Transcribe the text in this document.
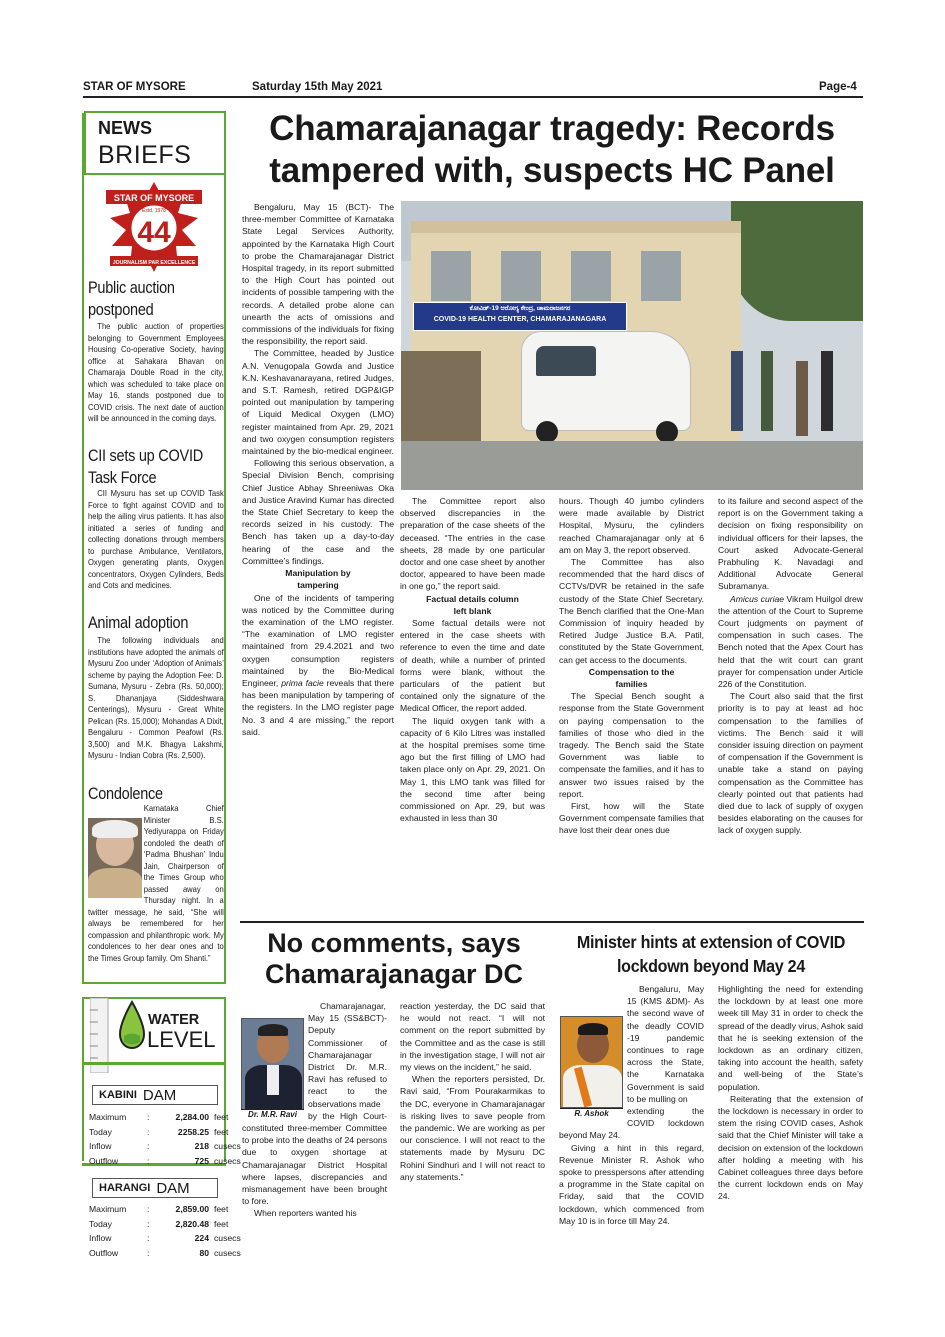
STAR OF MYSORE	Saturday 15th May 2021	Page-4
NEWS
BRIEFS
STAR OF MYSORE
Estd. 1978
44
JOURNALISM PAR EXCELLENCE
Public auction
postponed

The public auction of properties belonging to Government Employees Housing Co-operative Society, having office at Sahakara Bhavan on Chamaraja Double Road in the city, which was scheduled to take place on May 16, stands postponed due to COVID crisis. The next date of auction will be announced in the coming days.

CII sets up COVID
Task Force

CII Mysuru has set up COVID Task Force to fight against COVID and to help the ailing virus patients. It has also initiated a series of funding and collecting donations through members to purchase Ambulance, Ventilators, Oxygen generating plants, Oxygen concentrators, Oxygen Cylinders, Beds and Cots and medicines.

Animal adoption

The following individuals and institutions have adopted the animals of Mysuru Zoo under ‘Adoption of Animals’ scheme by paying the Adoption Fee: D. Sumana, Mysuru - Zebra (Rs. 50,000); S. Dhananjaya (Siddeshwara Centerings), Mysuru - Great White Pelican (Rs. 15,000); Mohandas A Dixit, Bengaluru - Common Peafowl (Rs. 3,500) and M.K. Bhagya Lakshmi, Mysuru - Indian Cobra (Rs. 2,500).

Condolence
Karnataka Chief Minister B.S. Yediyurappa on Friday condoled the death of ‘Padma Bhushan’ Indu Jain, Chairperson of the Times Group who passed away on Thursday night. In a twitter message, he said, “She will always be remembered for her compassion and philanthropic work. My condolences to her dear ones and to the Times Group family. Om Shanti.”
WATER
LEVEL
KABINI DAM
Maximum	:	2,284.00 feet
Today	:	2258.25 feet
Inflow	:	218 cusecs
Outflow	:	725 cusecs
HARANGI DAM
Maximum	:	2,859.00 feet
Today	:	2,820.48 feet
Inflow	:	224 cusecs
Outflow	:	80 cusecs
Chamarajanagar tragedy: Records
tampered with, suspects HC Panel
ಕೋವಿಡ್-19 ಆರೋಗ್ಯ ಕೇಂದ್ರ, ಚಾಮರಾಜನಗರ
COVID-19 HEALTH CENTER, CHAMARAJANAGARA

Bengaluru, May 15 (BCT)- The three-member Committee of Karnataka State Legal Services Authority, appointed by the Karnataka High Court to probe the Chamarajanagar District Hospital tragedy, in its report submitted to the High Court has pointed out incidents of possible tampering with the records. A detailed probe alone can unearth the acts of omissions and commissions of the individuals for fixing the responsibility, the report said.

The Committee, headed by Justice A.N. Venugopala Gowda and Justice K.N. Keshavanarayana, retired Judges, and S.T. Ramesh, retired DGP&IGP pointed out manipulation by tampering of Liquid Medical Oxygen (LMO) register maintained from Apr. 29, 2021 and two oxygen consumption registers maintained by the bio-medical engineer.

Following this serious observation, a Special Division Bench, comprising Chief Justice Abhay Shreeniwas Oka and Justice Aravind Kumar has directed the State Chief Secretary to keep the records seized in his custody. The Bench has taken up a day-to-day hearing of the case and the Committee’s findings.

Manipulation by

tampering

One of the incidents of tampering was noticed by the Committee during the examination of the LMO register. “The examination of LMO register maintained from 29.4.2021 and two oxygen consumption registers maintained by the Bio-Medical Engineer, prima facie reveals that there has been manipulation by tampering of the registers. In the LMO register page No. 3 and 4 are missing,” the report said.

The Committee report also observed discrepancies in the preparation of the case sheets of the deceased. “The entries in the case sheets, 28 made by one particular doctor and one case sheet by another doctor, appeared to have been made in one go,” the report said.

Factual details column

left blank

Some factual details were not entered in the case sheets with reference to even the time and date of death, while a number of printed forms were blank, without the particulars of the patient but contained only the signature of the Medical Officer, the report added.

The liquid oxygen tank with a capacity of 6 Kilo Litres was installed at the hospital premises some time ago but the first filling of LMO had taken place only on Apr. 29, 2021. On May 1, this LMO tank was filled for the second time after being commissioned on Apr. 29, but was exhausted in less than 30

hours. Though 40 jumbo cylinders were made available by District Hospital, Mysuru, the cylinders reached Chamarajanagar only at 6 am on May 3, the report observed.

The Committee has also recommended that the hard discs of CCTVs/DVR be retained in the safe custody of the State Chief Secretary. The Bench clarified that the One-Man Commission of inquiry headed by Retired Judge Justice B.A. Patil, constituted by the State Government, can get access to the documents.

Compensation to the

families

The Special Bench sought a response from the State Government on paying compensation to the families of those who died in the tragedy. The Bench said the State Government was liable to compensate the families, and it has to answer two issues raised by the report.

First, how will the State Government compensate families that have lost their dear ones due

to its failure and second aspect of the report is on the Government taking a decision on fixing responsibility on individual officers for their lapses, the Court asked Advocate-General Prabhuling K. Navadagi and Additional Advocate General Subramanya.

Amicus curiae Vikram Huilgol drew the attention of the Court to Supreme Court judgments on payment of compensation in such cases. The Bench noted that the Apex Court has held that the writ court can grant prayer for compensation under Article 226 of the Constitution.

The Court also said that the first priority is to pay at least ad hoc compensation to the families of victims. The Bench said it will consider issuing direction on payment of compensation if the Government is unable take a stand on paying compensation as the Committee has clearly pointed out that patients had died due to lack of supply of oxygen besides elaborating on the causes for lack of oxygen supply.

No comments, says
Chamarajanagar DC
Dr. M.R. Ravi

Chamarajanagar, May 15 (SS&BCT)- Deputy Commissioner of Chamarajanagar District Dr. M.R. Ravi has refused to react to the observations made

by the High Court-constituted three-member Committee to probe into the deaths of 24 persons due to oxygen shortage at Chamarajanagar District Hospital where lapses, discrepancies and mismanagement have been brought to fore.

When reporters wanted his

reaction yesterday, the DC said that he would not react. “I will not comment on the report submitted by the Committee and as the case is still in the investigation stage, I will not air my views on the incident,” he said.

When the reporters persisted, Dr. Ravi said, “From Pourakarmikas to the DC, everyone in Chamarajanagar is risking lives to save people from the pandemic. We are working as per our conscience. I will not react to the statements made by Mysuru DC Rohini Sindhuri and I will not react to any statements.”

Minister hints at extension of COVID
lockdown beyond May 24
R. Ashok

Bengaluru, May 15 (KMS &DM)- As the second wave of the deadly COVID -19 pandemic continues to rage across the State, the Karnataka Government is said to be mulling on

extending the COVID lockdown beyond May 24.

Giving a hint in this regard, Revenue Minister R. Ashok who spoke to presspersons after attending a programme in the State capital on Friday, said that the COVID lockdown, which commenced from May 10 is in force till May 24.

Highlighting the need for extending the lockdown by at least one more week till May 31 in order to check the spread of the deadly virus, Ashok said that he is seeking extension of the lockdown as an ordinary citizen, taking into account the health, safety and well-being of the State’s population.

Reiterating that the extension of the lockdown is necessary in order to stem the rising COVID cases, Ashok said that the Chief Minister will take a decision on extension of the lockdown after holding a meeting with his Cabinet colleagues three days before the current lockdown ends on May 24.
